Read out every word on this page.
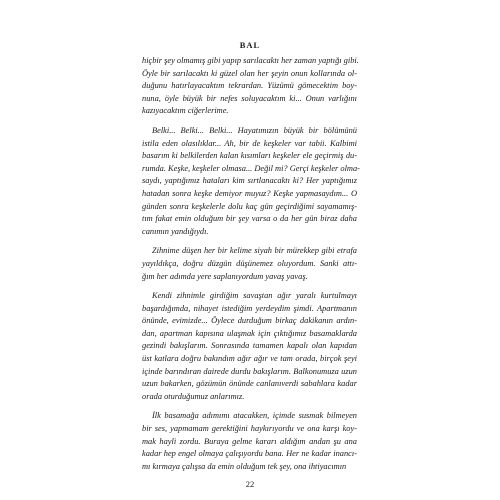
BAL
hiçbir şey olmamış gibi yapıp sarılacaktı her zaman yaptığı gibi.
Öyle bir sarılacaktı ki güzel olan her şeyin onun kollarında ol-
duğunu hatırlayacaktım tekrardan. Yüzümü gömecektim boy-
nuna, öyle büyük bir nefes soluyacaktım ki... Onun varlığını
kazıyacaktım ciğerlerime.
Belki... Belki... Belki... Hayatımızın büyük bir bölümünü
istila eden olasılıklar... Ah, bir de keşkeler var tabii. Kalbimi
basarım ki belkilerden kalan kısımları keşkeler ele geçirmiş du-
rumda. Keşke, keşkeler olmasa... Değil mi? Gerçi keşkeler olma-
saydı, yaptığımız hataları kim sırtlanacaktı ki? Her yaptığımız
hatadan sonra keşke demiyor muyuz? Keşke yapmasaydım... O
günden sonra keşkelerle dolu kaç gün geçirdiğimi sayamamış-
tım fakat emin olduğum bir şey varsa o da her gün biraz daha
canımın yandığıydı.
Zihnime düşen her bir kelime siyah bir mürekkep gibi etrafa
yayıldıkça, doğru düzgün düşünemez oluyordum. Sanki attı-
ğım her adımda yere saplanıyordum yavaş yavaş.
Kendi zihnimle girdiğim savaştan ağır yaralı kurtulmayı
başardığımda, nihayet istediğim yerdeydim şimdi. Apartmanın
önünde, evimizde... Öylece durduğum birkaç dakikanın ardın-
dan, apartman kapısına ulaşmak için çıktığımız basamaklarda
gezindi bakışlarım. Sonrasında tamamen kapalı olan kapıdan
üst katlara doğru bakındım ağır ağır ve tam orada, birçok şeyi
içinde barındıran dairede durdu bakışlarım. Balkonumuza uzun
uzun bakarken, gözümün önünde canlanıverdi sabahlara kadar
orada oturduğumuz anlarımız.
İlk basamağa adımımı atacakken, içimde susmak bilmeyen
bir ses, yapmamam gerektiğini haykırıyordu ve ona karşı koy-
mak hayli zordu. Buraya gelme kararı aldığım andan şu ana
kadar hep engel olmaya çalışıyordu bana. Her ne kadar inancı-
mı kırmaya çalışsa da emin olduğum tek şey, ona ihtiyacımın
22
